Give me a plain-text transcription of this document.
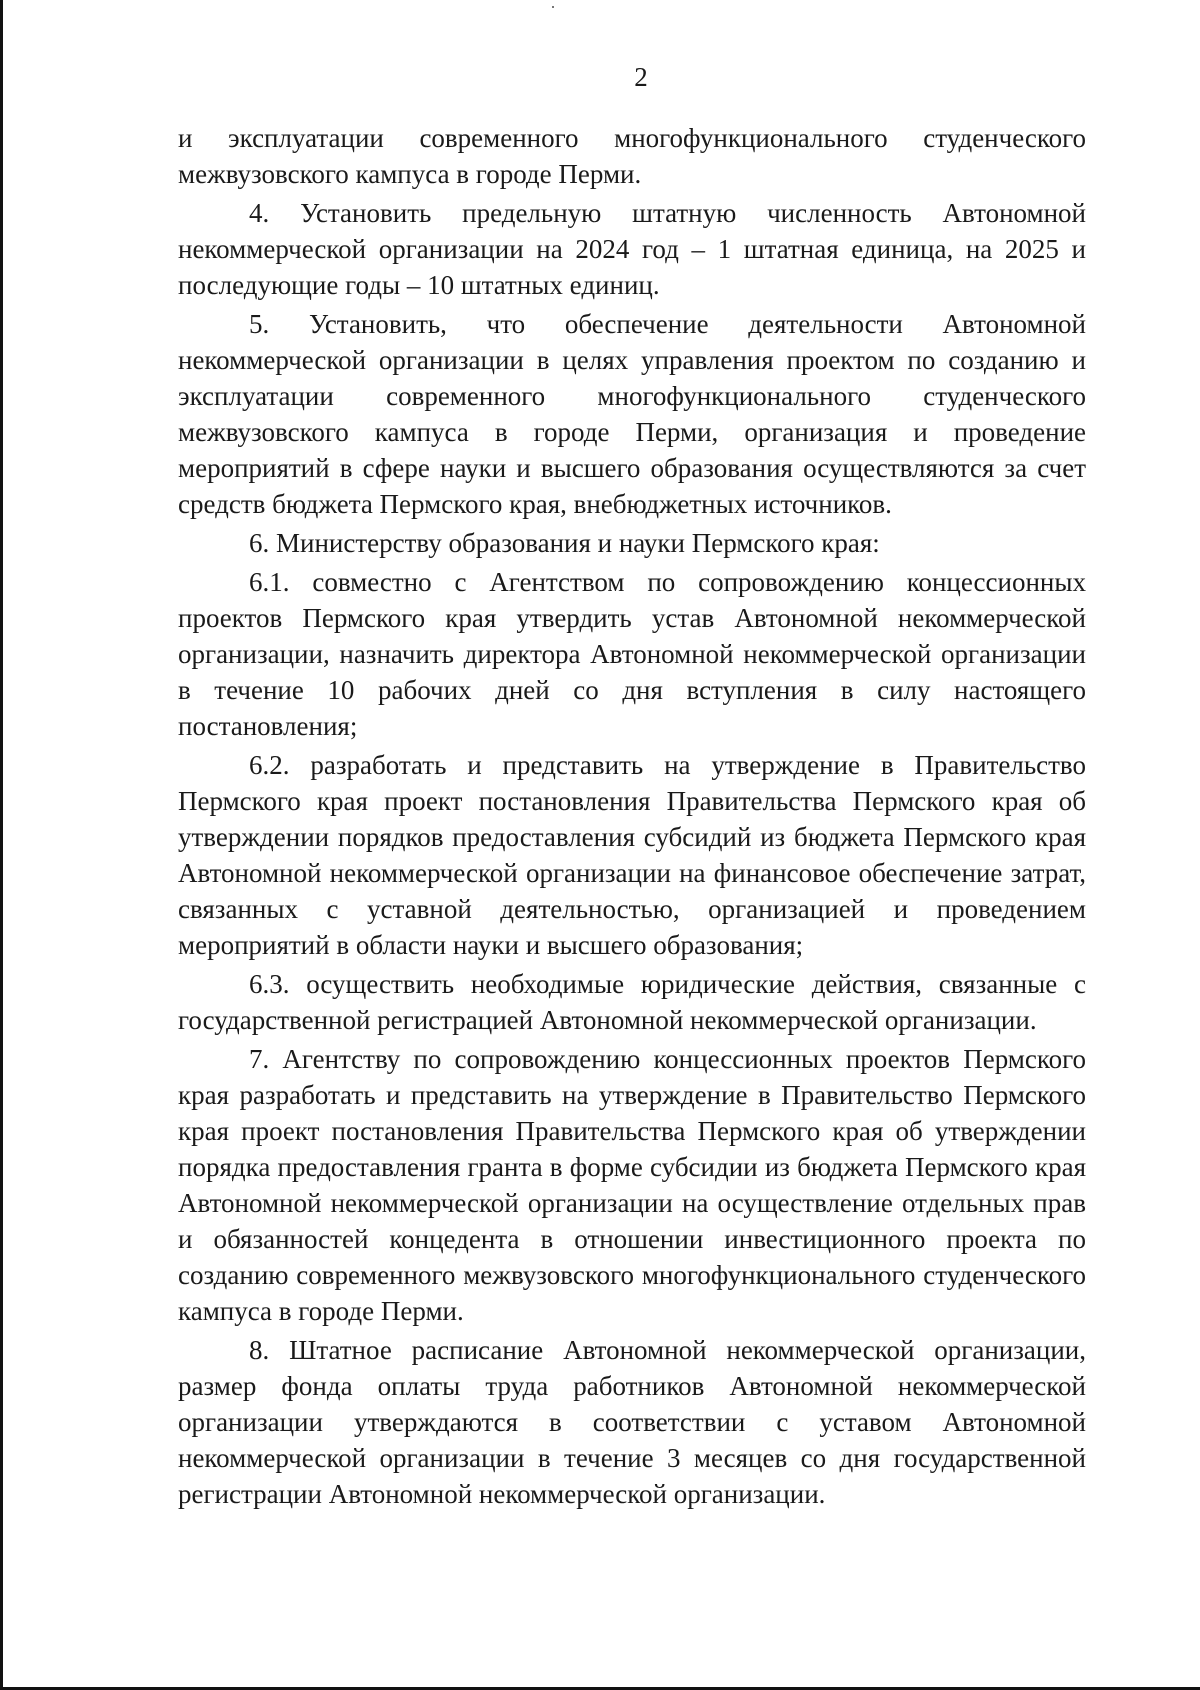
2

и эксплуатации современного многофункционального студенческого межвузовского кампуса в городе Перми.

4. Установить предельную штатную численность Автономной некоммерческой организации на 2024 год – 1 штатная единица, на 2025 и последующие годы – 10 штатных единиц.

5. Установить, что обеспечение деятельности Автономной некоммерческой организации в целях управления проектом по созданию и эксплуатации современного многофункционального студенческого межвузовского кампуса в городе Перми, организация и проведение мероприятий в сфере науки и высшего образования осуществляются за счет средств бюджета Пермского края, внебюджетных источников.

6. Министерству образования и науки Пермского края:

6.1. совместно с Агентством по сопровождению концессионных проектов Пермского края утвердить устав Автономной некоммерческой организации, назначить директора Автономной некоммерческой организации в течение 10 рабочих дней со дня вступления в силу настоящего постановления;

6.2. разработать и представить на утверждение в Правительство Пермского края проект постановления Правительства Пермского края об утверждении порядков предоставления субсидий из бюджета Пермского края Автономной некоммерческой организации на финансовое обеспечение затрат, связанных с уставной деятельностью, организацией и проведением мероприятий в области науки и высшего образования;

6.3. осуществить необходимые юридические действия, связанные с государственной регистрацией Автономной некоммерческой организации.

7. Агентству по сопровождению концессионных проектов Пермского края разработать и представить на утверждение в Правительство Пермского края проект постановления Правительства Пермского края об утверждении порядка предоставления гранта в форме субсидии из бюджета Пермского края Автономной некоммерческой организации на осуществление отдельных прав и обязанностей концедента в отношении инвестиционного проекта по созданию современного межвузовского многофункционального студенческого кампуса в городе Перми.

8. Штатное расписание Автономной некоммерческой организации, размер фонда оплаты труда работников Автономной некоммерческой организации утверждаются в соответствии с уставом Автономной некоммерческой организации в течение 3 месяцев со дня государственной регистрации Автономной некоммерческой организации.
